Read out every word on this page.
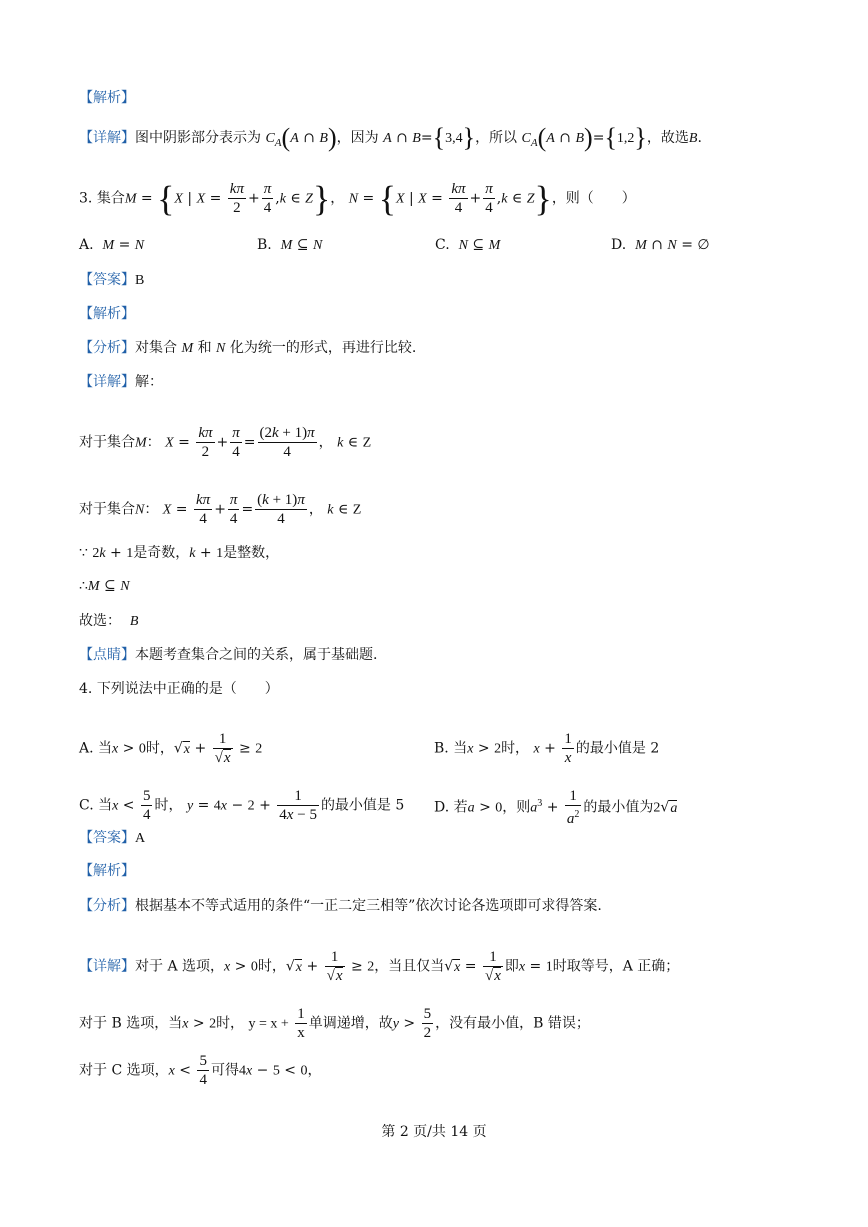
【解析】
【详解】图中阴影部分表示为 $C_A(A$ ∩ B)，因为 A ∩ B={3,4}，所以 $C_A(A$ ∩ B)={1,2}，故选B.
3. 集合M = {X | $X = \frac{k\pi}{2} + \frac{\pi}{4} ,k$ ∈ Z}， N = {X | $X = \frac{k\pi}{4} + \frac{\pi}{4} ,k$ ∈ Z}，则（　　）
A. M = N	B. M ⊆ N	C. N ⊆ M	D. M ∩ N = ∅
【答案】B
【解析】
【分析】对集合 M 和 N 化为统一的形式，再进行比较.
【详解】解：
对于集合M： $X = \frac{k\pi}{2} + \frac{\pi}{4} = \frac{(2k + 1)\pi}{4}$ ， k ∈ Z
对于集合N： $X = \frac{k\pi}{4} + \frac{\pi}{4} = \frac{(k + 1)\pi}{4}$ ， k ∈ Z
∵ 2k + 1是奇数，k + 1是整数，
∴M ⊆ N
故选： B
【点睛】本题考查集合之间的关系，属于基础题.
4. 下列说法中正确的是（　　）
A. 当x > 0时，$√x + \frac{1}{√x} \ge 2$	B. 当x > 2时， $x + \frac{1}{x}$ 的最小值是 2
C. 当$x < \frac{5}{4}$ 时， $y = 4x - 2 + \frac{1}{4x - 5}$ 的最小值是 5 D. 若a > 0，则$a^3 + \frac{1}{a^2}$ 的最小值为2√a
【答案】A
【解析】
【分析】根据基本不等式适用的条件“一正二定三相等”依次讨论各选项即可求得答案.
【详解】对于 A 选项，x > 0时，$√x + \frac{1}{√x} \ge 2$，当且仅当$√x = \frac{1}{√x}$ 即x = 1时取等号，A 正确；
对于 B 选项，当x > 2时， $y = x + \frac{1}{x}$ 单调递增，故$y > \frac{5}{2}$ ，没有最小值，B 错误；
对于 C 选项，$x < \frac{5}{4}$ 可得4x − 5 < 0，
第 2 页/共 14 页
